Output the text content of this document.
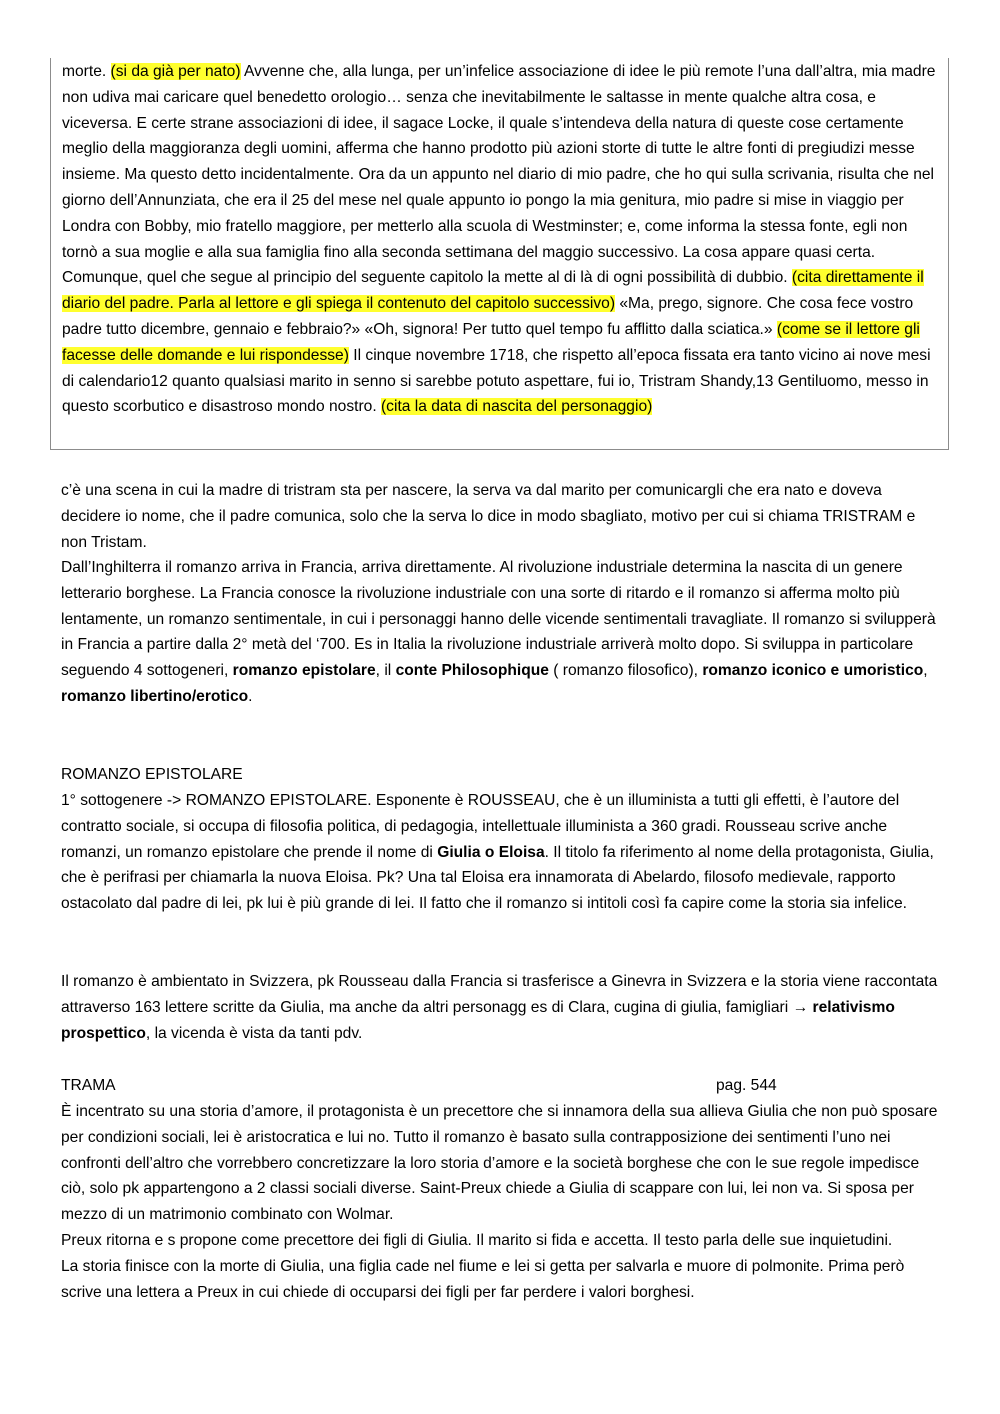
morte. (si da già per nato) Avvenne che, alla lunga, per un’infelice associazione di idee le più remote l’una dall’altra, mia madre non udiva mai caricare quel benedetto orologio… senza che inevitabilmente le saltasse in mente qualche altra cosa, e viceversa. E certe strane associazioni di idee, il sagace Locke, il quale s’intendeva della natura di queste cose certamente meglio della maggioranza degli uomini, afferma che hanno prodotto più azioni storte di tutte le altre fonti di pregiudizi messe insieme. Ma questo detto incidentalmente. Ora da un appunto nel diario di mio padre, che ho qui sulla scrivania, risulta che nel giorno dell’Annunziata, che era il 25 del mese nel quale appunto io pongo la mia genitura, mio padre si mise in viaggio per Londra con Bobby, mio fratello maggiore, per metterlo alla scuola di Westminster; e, come informa la stessa fonte, egli non tornò a sua moglie e alla sua famiglia fino alla seconda settimana del maggio successivo. La cosa appare quasi certa. Comunque, quel che segue al principio del seguente capitolo la mette al di là di ogni possibilità di dubbio. (cita direttamente il diario del padre. Parla al lettore e gli spiega il contenuto del capitolo successivo) «Ma, prego, signore. Che cosa fece vostro padre tutto dicembre, gennaio e febbraio?» «Oh, signora! Per tutto quel tempo fu afflitto dalla sciatica.» (come se il lettore gli facesse delle domande e lui rispondesse) Il cinque novembre 1718, che rispetto all’epoca fissata era tanto vicino ai nove mesi di calendario12 quanto qualsiasi marito in senno si sarebbe potuto aspettare, fui io, Tristram Shandy,13 Gentiluomo, messo in questo scorbutico e disastroso mondo nostro. (cita la data di nascita del personaggio)

c’è una scena in cui la madre di tristram sta per nascere, la serva va dal marito per comunicargli che era nato e doveva decidere io nome, che il padre comunica, solo che la serva lo dice in modo sbagliato, motivo per cui si chiama TRISTRAM e non Tristam.

Dall’Inghilterra il romanzo arriva in Francia, arriva direttamente. Al rivoluzione industriale determina la nascita di un genere letterario borghese. La Francia conosce la rivoluzione industriale con una sorte di ritardo e il romanzo si afferma molto più lentamente, un romanzo sentimentale, in cui i personaggi hanno delle vicende sentimentali travagliate. Il romanzo si svilupperà in Francia a partire dalla 2° metà del ‘700. Es in Italia la rivoluzione industriale arriverà molto dopo. Si sviluppa in particolare seguendo 4 sottogeneri, romanzo epistolare, il conte Philosophique ( romanzo filosofico), romanzo iconico e umoristico, romanzo libertino/erotico.

ROMANZO EPISTOLARE

1° sottogenere -> ROMANZO EPISTOLARE. Esponente è ROUSSEAU, che è un illuminista a tutti gli effetti, è l’autore del contratto sociale, si occupa di filosofia politica, di pedagogia, intellettuale illuminista a 360 gradi. Rousseau scrive anche romanzi, un romanzo epistolare che prende il nome di Giulia o Eloisa. Il titolo fa riferimento al nome della protagonista, Giulia, che è perifrasi per chiamarla la nuova Eloisa. Pk? Una tal Eloisa era innamorata di Abelardo, filosofo medievale, rapporto ostacolato dal padre di lei, pk lui è più grande di lei. Il fatto che il romanzo si intitoli così fa capire come la storia sia infelice.

Il romanzo è ambientato in Svizzera, pk Rousseau dalla Francia si trasferisce a Ginevra in Svizzera e la storia viene raccontata attraverso 163 lettere scritte da Giulia, ma anche da altri personagg es di Clara, cugina di giulia, famigliari → relativismo prospettico, la vicenda è vista da tanti pdv.

TRAMA	pag. 544

È incentrato su una storia d’amore, il protagonista è un precettore che si innamora della sua allieva Giulia che non può sposare per condizioni sociali, lei è aristocratica e lui no. Tutto il romanzo è basato sulla contrapposizione dei sentimenti l’uno nei confronti dell’altro che vorrebbero concretizzare la loro storia d’amore e la società borghese che con le sue regole impedisce ciò, solo pk appartengono a 2 classi sociali diverse. Saint-Preux chiede a Giulia di scappare con lui, lei non va. Si sposa per mezzo di un matrimonio combinato con Wolmar.

Preux ritorna e s propone come precettore dei figli di Giulia. Il marito si fida e accetta. Il testo parla delle sue inquietudini.

La storia finisce con la morte di Giulia, una figlia cade nel fiume e lei si getta per salvarla e muore di polmonite. Prima però scrive una lettera a Preux in cui chiede di occuparsi dei figli per far perdere i valori borghesi.
